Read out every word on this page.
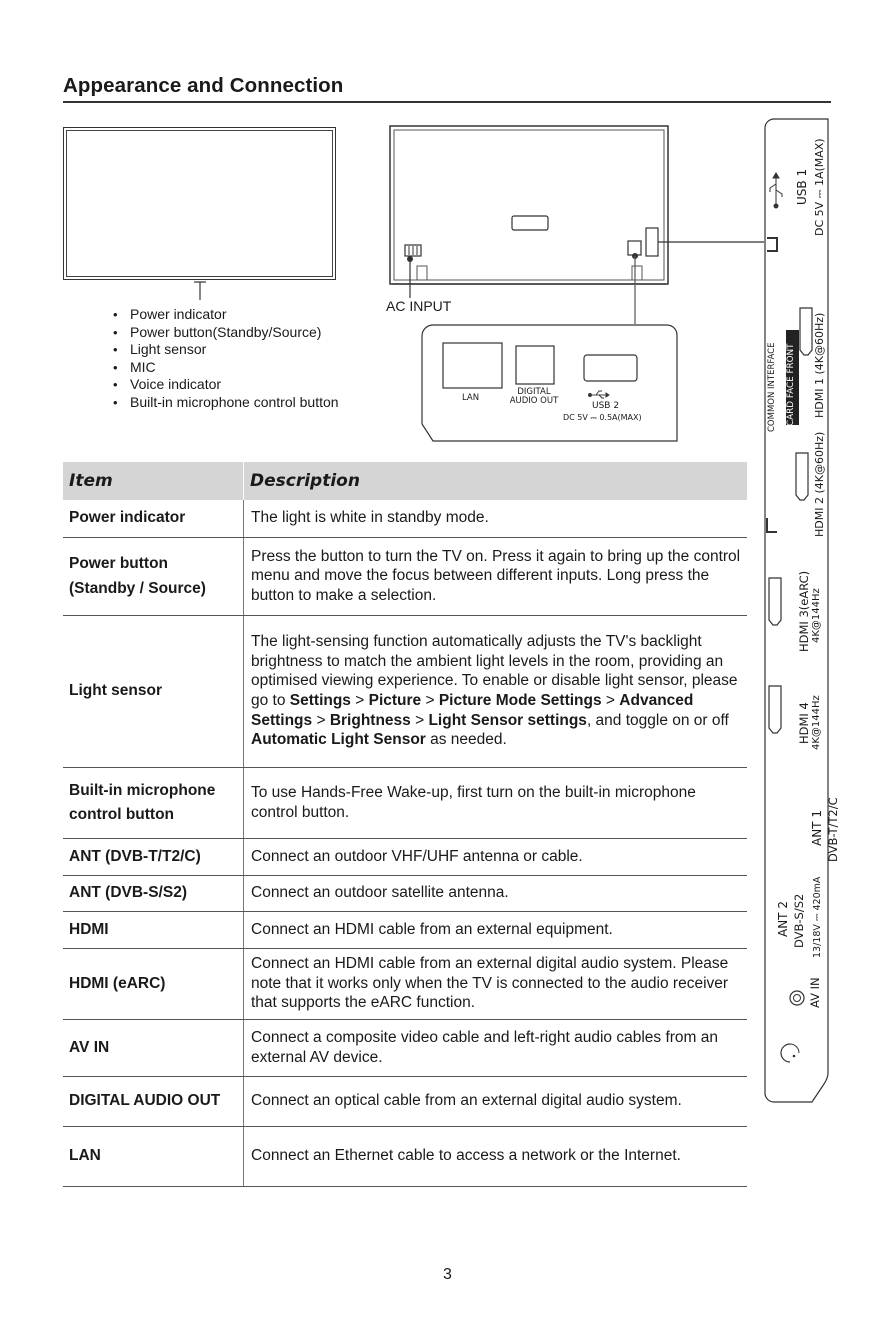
Appearance and Connection
• Power indicator
• Power button(Standby/Source)
• Light sensor
• MIC
• Voice indicator
• Built-in microphone control button
AC INPUT
LAN
DIGITAL
AUDIO OUT	USB 2
DC 5V ⎓ 0.5A(MAX)
USB 1 DC 5V ⎓ 1A(MAX)
COMMON INTERFACE CARD FACE FRONT HDMI 1 (4K@60Hz)
HDMI 2 (4K@60Hz)
HDMI 3(eARC) 4K@144Hz
HDMI 4 4K@144Hz
ANT 1 DVB-T/T2/C
ANT 2 DVB-S/S2 13/18V ⎓ 420mA
AV IN
Item	Description
Power indicator	The light is white in standby mode.

Power button
(Standby / Source)	Press the button to turn the TV on. Press it again to bring up the control menu and move the focus between different inputs. Long press the button to make a selection.
Light sensor	The light-sensing function automatically adjusts the TV's backlight brightness to match the ambient light levels in the room, providing an optimised viewing experience. To enable or disable light sensor, please go to Settings > Picture > Picture Mode Settings > Advanced Settings > Brightness > Light Sensor settings, and toggle on or off Automatic Light Sensor as needed.

Built-in microphone
control button	To use Hands-Free Wake-up, first turn on the built-in microphone control button.
ANT (DVB-T/T2/C)	Connect an outdoor VHF/UHF antenna or cable.
ANT (DVB-S/S2)	Connect an outdoor satellite antenna.
HDMI	Connect an HDMI cable from an external equipment.
HDMI (eARC)	Connect an HDMI cable from an external digital audio system. Please note that it works only when the TV is connected to the audio receiver that supports the eARC function.
AV IN	Connect a composite video cable and left-right audio cables from an external AV device.
DIGITAL AUDIO OUT	Connect an optical cable from an external digital audio system.
LAN	Connect an Ethernet cable to access a network or the Internet.
3
